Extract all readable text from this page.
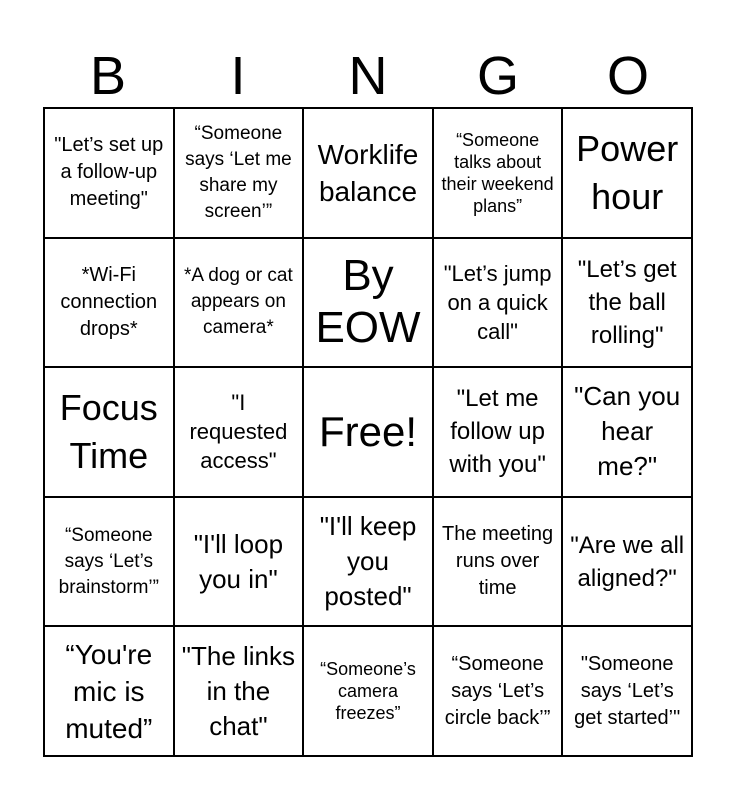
B	I	N	G	O
"Let’s set up a follow-up meeting"
“Someone says ‘Let me share my screen’”
Worklife balance
“Someone talks about their weekend plans”
Power hour
*Wi-Fi connection drops*
*A dog or cat appears on camera*
By EOW
"Let’s jump on a quick call"
"Let’s get the ball rolling"
Focus Time
"I requested access"
Free!
"Let me follow up with you"
"Can you hear me?"
“Someone says ‘Let’s brainstorm’”
"I'll loop you in"
"I'll keep you posted"
The meeting runs over time
"Are we all aligned?"
“You're mic is muted”
"The links in the chat"
“Someone’s camera freezes”
“Someone says ‘Let’s circle back’”
"Someone says ‘Let’s get started’"
